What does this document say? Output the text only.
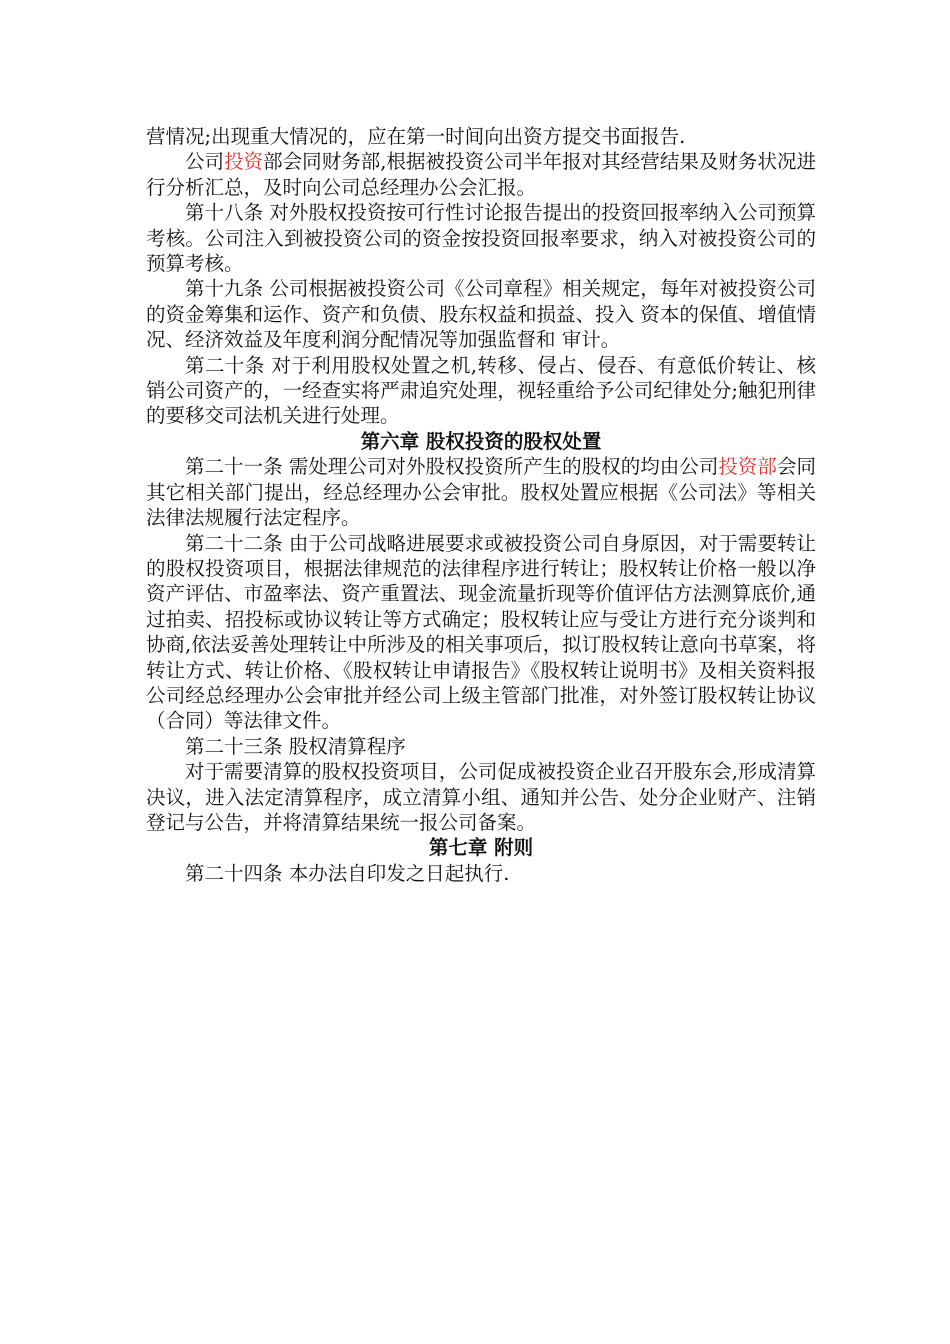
营情况;出现重大情况的，应在第一时间向出资方提交书面报告.

公司投资部会同财务部,根据被投资公司半年报对其经营结果及财务状况进行分析汇总，及时向公司总经理办公会汇报。

第十八条 对外股权投资按可行性讨论报告提出的投资回报率纳入公司预算考核。公司注入到被投资公司的资金按投资回报率要求，纳入对被投资公司的预算考核。

第十九条 公司根据被投资公司《公司章程》相关规定，每年对被投资公司的资金筹集和运作、资产和负债、股东权益和损益、投入 资本的保值、增值情况、经济效益及年度利润分配情况等加强监督和 审计。

第二十条 对于利用股权处置之机,转移、侵占、侵吞、有意低价转让、核销公司资产的，一经查实将严肃追究处理，视轻重给予公司纪律处分;触犯刑律的要移交司法机关进行处理。

第六章 股权投资的股权处置

第二十一条 需处理公司对外股权投资所产生的股权的均由公司投资部会同其它相关部门提出，经总经理办公会审批。股权处置应根据《公司法》等相关法律法规履行法定程序。

第二十二条 由于公司战略进展要求或被投资公司自身原因，对于需要转让的股权投资项目，根据法律规范的法律程序进行转让；股权转让价格一般以净资产评估、市盈率法、资产重置法、现金流量折现等价值评估方法测算底价,通过拍卖、招投标或协议转让等方式确定；股权转让应与受让方进行充分谈判和协商,依法妥善处理转让中所涉及的相关事项后，拟订股权转让意向书草案，将转让方式、转让价格、《股权转让申请报告》《股权转让说明书》及相关资料报公司经总经理办公会审批并经公司上级主管部门批准，对外签订股权转让协议 （合同）等法律文件。

第二十三条 股权清算程序

对于需要清算的股权投资项目，公司促成被投资企业召开股东会,形成清算决议，进入法定清算程序，成立清算小组、通知并公告、处分企业财产、注销登记与公告，并将清算结果统一报公司备案。

第七章 附则

第二十四条 本办法自印发之日起执行.
